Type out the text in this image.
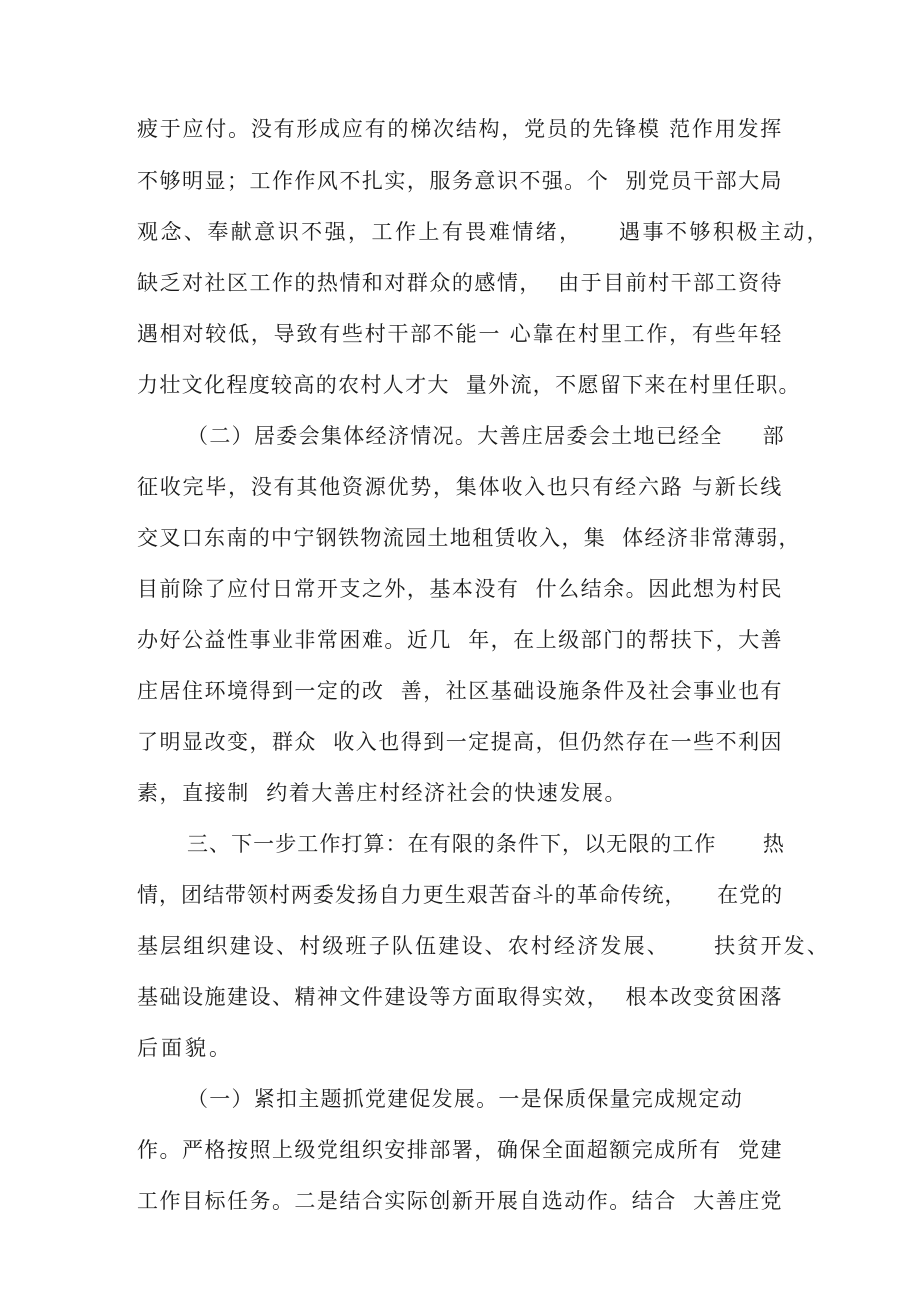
疲于应付。没有形成应有的梯次结构，党员的先锋模 范作用发挥
不够明显；工作作风不扎实，服务意识不强。个  别党员干部大局
观念、奉献意识不强，工作上有畏难情绪，    遇事不够积极主动，
缺乏对社区工作的热情和对群众的感情，  由于目前村干部工资待
遇相对较低，导致有些村干部不能一 心靠在村里工作，有些年轻
力壮文化程度较高的农村人才大  量外流，不愿留下来在村里任职。
（二）居委会集体经济情况。大善庄居委会土地已经全     部
征收完毕，没有其他资源优势，集体收入也只有经六路 与新长线
交叉口东南的中宁钢铁物流园土地租赁收入，集  体经济非常薄弱，
目前除了应付日常开支之外，基本没有  什么结余。因此想为村民
办好公益性事业非常困难。近几  年，在上级部门的帮扶下，大善
庄居住环境得到一定的改  善，社区基础设施条件及社会事业也有
了明显改变，群众  收入也得到一定提高，但仍然存在一些不利因
素，直接制  约着大善庄村经济社会的快速发展。
三、下一步工作打算：在有限的条件下，以无限的工作      热
情，团结带领村两委发扬自力更生艰苦奋斗的革命传统，    在党的
基层组织建设、村级班子队伍建设、农村经济发展、     扶贫开发、
基础设施建设、精神文件建设等方面取得实效，  根本改变贫困落
后面貌。
（一）紧扣主题抓党建促发展。一是保质保量完成规定动
作。严格按照上级党组织安排部署，确保全面超额完成所有  党建
工作目标任务。二是结合实际创新开展自选动作。结合  大善庄党
